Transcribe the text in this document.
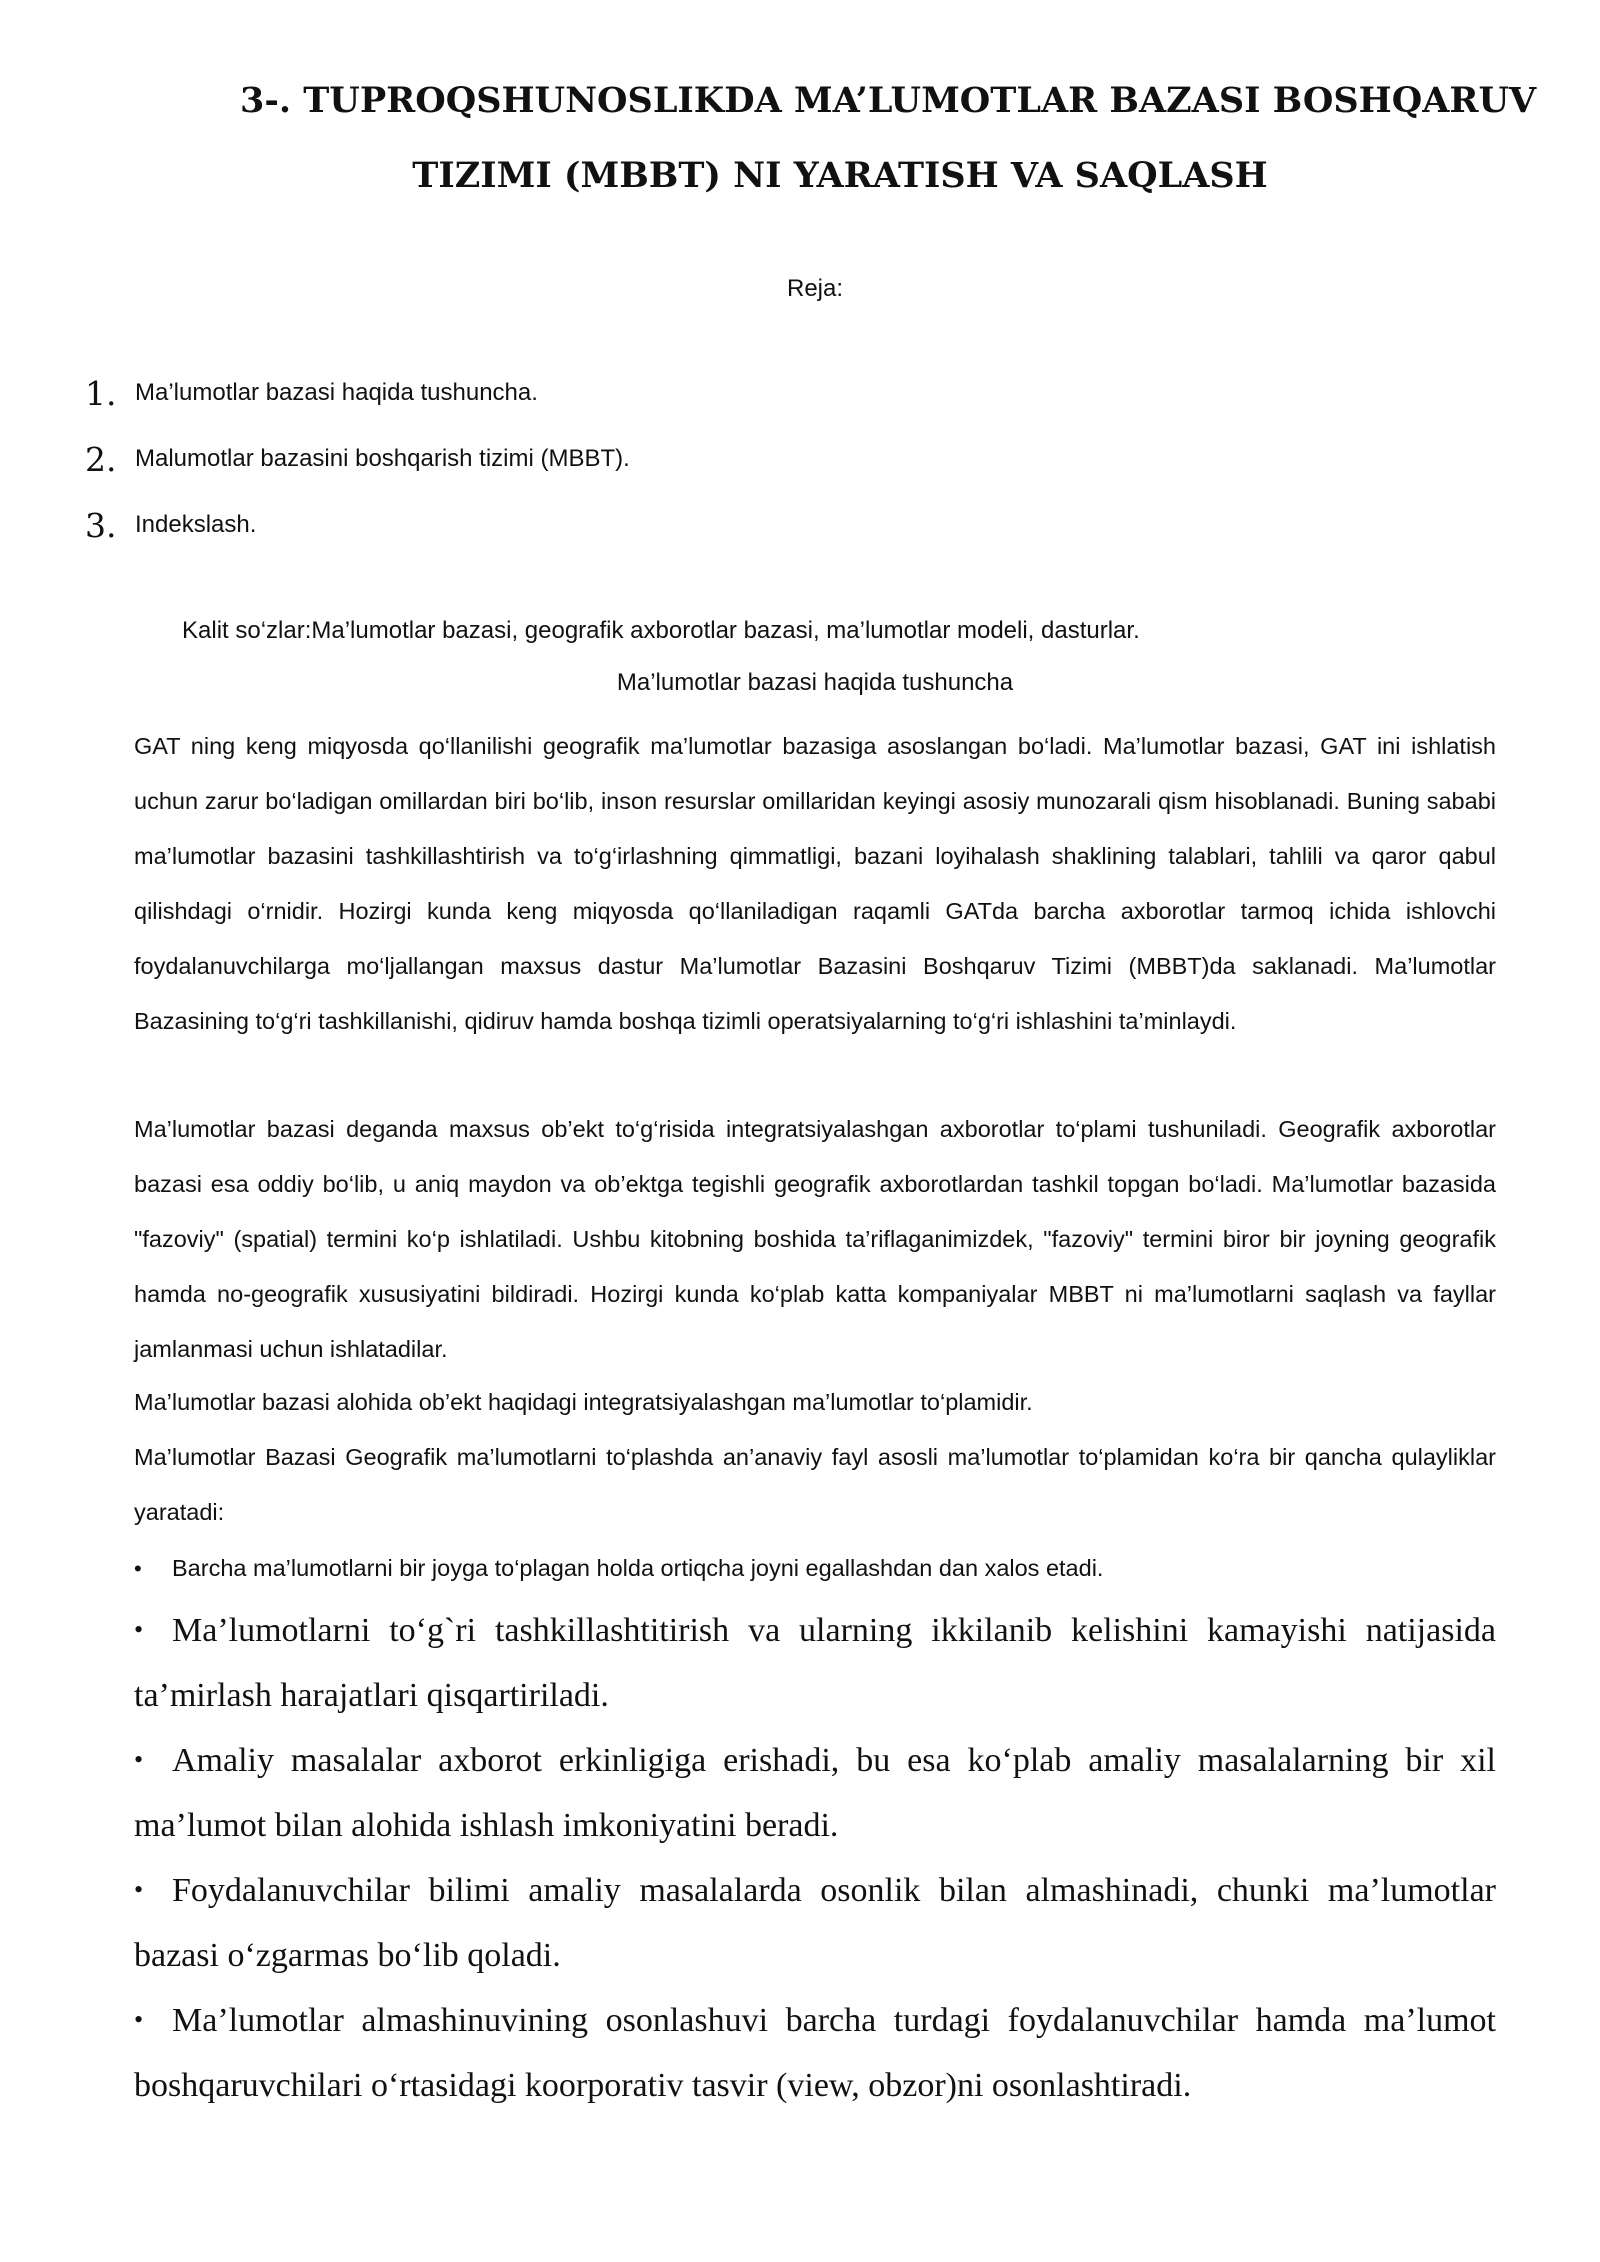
3-. TUPROQSHUNOSLIKDA MA’LUMOTLAR BAZASI BOSHQARUV
TIZIMI (MBBT) NI YARATISH VA SAQLASH
Reja:
1. Ma’lumotlar bazasi haqida tushuncha.
2. Malumotlar bazasini boshqarish tizimi (MBBT).
3. Indekslash.
Kalit so‘zlar:Ma’lumotlar bazasi, geografik axborotlar bazasi, ma’lumotlar modeli, dasturlar.
Ma’lumotlar bazasi haqida tushuncha

GAT ning keng miqyosda qo‘llanilishi geografik ma’lumotlar bazasiga asoslangan bo‘ladi. Ma’lumotlar bazasi, GAT ini ishlatish uchun zarur bo‘ladigan omillardan biri bo‘lib, inson resurslar omillaridan keyingi asosiy munozarali qism hisoblanadi. Buning sababi ma’lumotlar bazasini tashkillashtirish va to‘g‘irlashning qimmatligi, bazani loyihalash shaklining talablari, tahlili va qaror qabul qilishdagi o‘rnidir. Hozirgi kunda keng miqyosda qo‘llaniladigan raqamli GATda barcha axborotlar tarmoq ichida ishlovchi foydalanuvchilarga mo‘ljallangan maxsus dastur Ma’lumotlar Bazasini Boshqaruv Tizimi (MBBT)da saklanadi. Ma’lumotlar Bazasining to‘g‘ri tashkillanishi, qidiruv hamda boshqa tizimli operatsiyalarning to‘g‘ri ishlashini ta’minlaydi.

Ma’lumotlar bazasi deganda maxsus ob’ekt to‘g‘risida integratsiyalashgan axborotlar to‘plami tushuniladi. Geografik axborotlar bazasi esa oddiy bo‘lib, u aniq maydon va ob’ektga tegishli geografik axborotlardan tashkil topgan bo‘ladi. Ma’lumotlar bazasida "fazoviy" (spatial) termini ko‘p ishlatiladi. Ushbu kitobning boshida ta’riflaganimizdek, "fazoviy" termini biror bir joyning geografik hamda no-geografik xususiyatini bildiradi. Hozirgi kunda ko‘plab katta kompaniyalar MBBT ni ma’lumotlarni saqlash va fayllar jamlanmasi uchun ishlatadilar.

Ma’lumotlar bazasi alohida ob’ekt haqidagi integratsiyalashgan ma’lumotlar to‘plamidir.

Ma’lumotlar Bazasi Geografik ma’lumotlarni to‘plashda an’anaviy fayl asosli ma’lumotlar to‘plamidan ko‘ra bir qancha qulayliklar yaratadi:

•	Barcha ma’lumotlarni bir joyga to‘plagan holda ortiqcha joyni egallashdan dan xalos etadi.
• Ma’lumotlarni to‘g`ri tashkillashtitirish va ularning ikkilanib kelishini kamayishi natijasida ta’mirlash harajatlari qisqartiriladi.
• Amaliy masalalar axborot erkinligiga erishadi, bu esa ko‘plab amaliy masalalarning bir xil ma’lumot bilan alohida ishlash imkoniyatini beradi.
• Foydalanuvchilar bilimi amaliy masalalarda osonlik bilan almashinadi, chunki ma’lumotlar bazasi o‘zgarmas bo‘lib qoladi.
• Ma’lumotlar almashinuvining osonlashuvi barcha turdagi foydalanuvchilar hamda ma’lumot boshqaruvchilari o‘rtasidagi koorporativ tasvir (view, obzor)ni osonlashtiradi.
